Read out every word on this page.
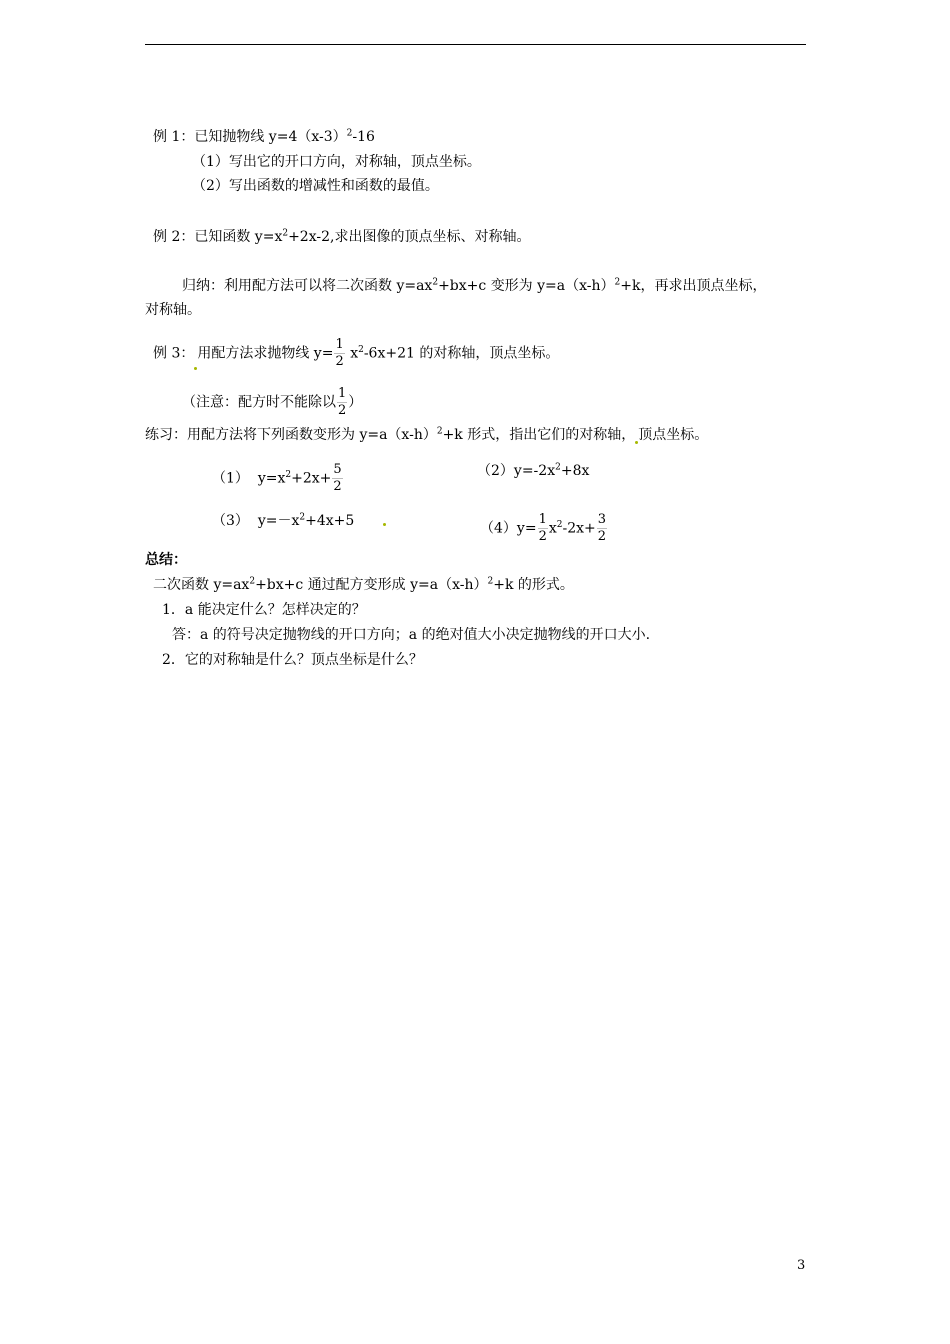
例 1：已知抛物线 $y=4(x-3)^2-16$
（1）写出它的开口方向，对称轴，顶点坐标。
（2）写出函数的增减性和函数的最值。
例 2：已知函数 $y=x^2+2x-2$,求出图像的顶点坐标、对称轴。
归纳：利用配方法可以将二次函数 $y=ax^2+bx+c$ 变形为 $y=a(x-h)^2+k$，再求出顶点坐标，
对称轴。
例 3： 用配方法求抛物线 $y= \frac{1}{2} x^2-6x+21$ 的对称轴，顶点坐标。
（注意：配方时不能除以 $\frac{1}{2}$ ）
练习：用配方法将下列函数变形为 $y=a(x-h)^2+k$ 形式，指出它们的对称轴， 顶点坐标。
（1） $y=x^2+2x+ \frac{5}{2}$	$(2)y=-2x^2+8x$
（3） $y=-x^2+4x+5$	$(4)y= \frac{1}{2} x^2-2x+ \frac{3}{2}$
总结：
二次函数 $y=ax^2+bx+c$ 通过配方变形成 $y=a(x-h)^2+k$ 的形式。
1．a 能决定什么？怎样决定的？
答：a 的符号决定抛物线的开口方向；a 的绝对值大小决定抛物线的开口大小.
2．它的对称轴是什么？顶点坐标是什么？
3
